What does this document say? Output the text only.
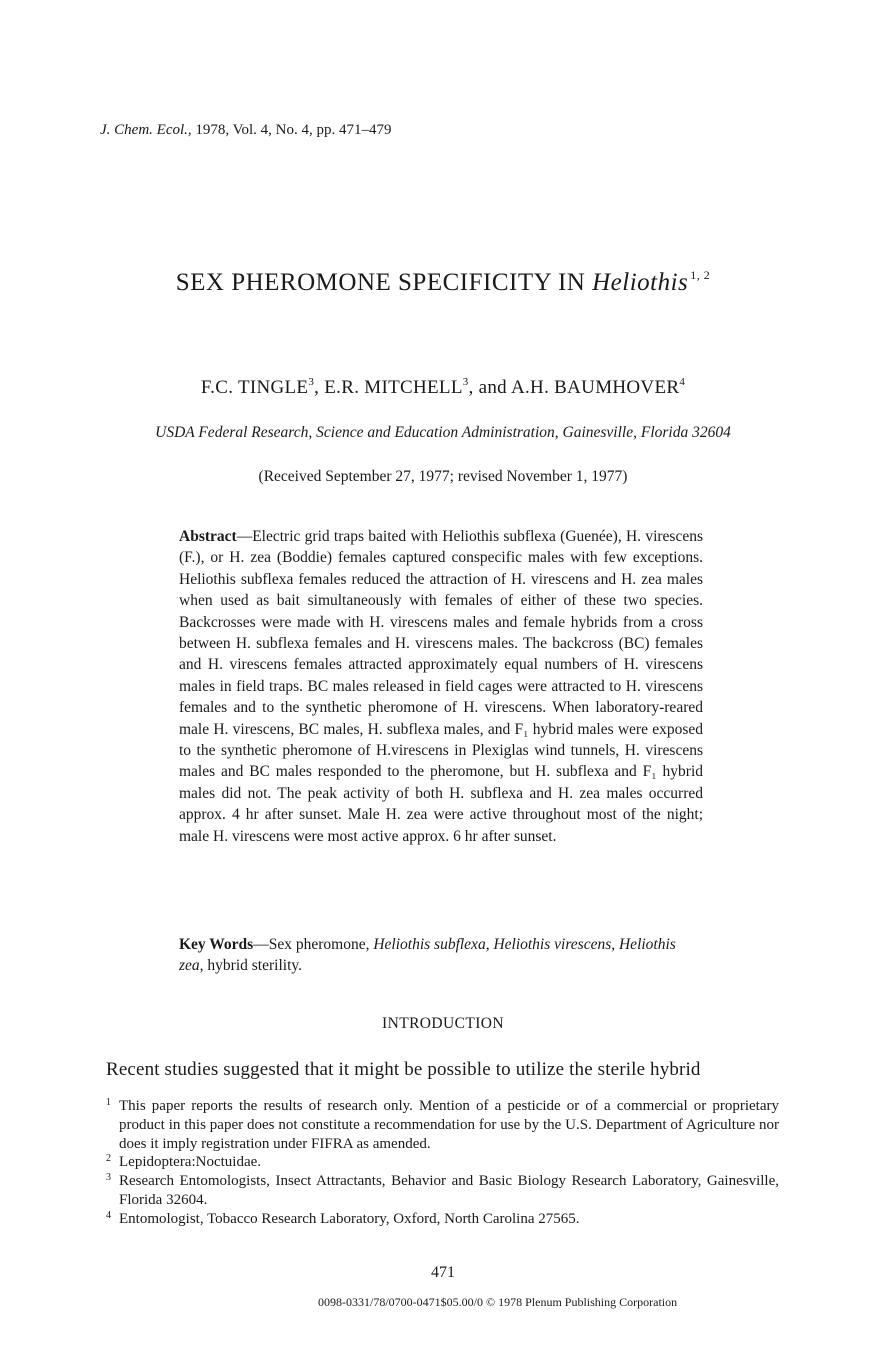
J. Chem. Ecol., 1978, Vol. 4, No. 4, pp. 471–479
SEX PHEROMONE SPECIFICITY IN Heliothis $^{1, 2}$
F.C. TINGLE$^3$, E.R. MITCHELL$^3$, and A.H. BAUMHOVER$^4$
USDA Federal Research, Science and Education Administration, Gainesville, Florida 32604
(Received September 27, 1977; revised November 1, 1977)

Abstract—Electric grid traps baited with Heliothis subflexa (Guenée), H. virescens (F.), or H. zea (Boddie) females captured conspecific males with few exceptions. Heliothis subflexa females reduced the attraction of H. virescens and H. zea males when used as bait simultaneously with females of either of these two species. Backcrosses were made with H. virescens males and female hybrids from a cross between H. subflexa females and H. virescens males. The backcross (BC) females and H. virescens females attracted approximately equal numbers of H. virescens males in field traps. BC males released in field cages were attracted to H. virescens females and to the synthetic pheromone of H. virescens. When laboratory-reared male H. virescens, BC males, H. subflexa males, and F₁ hybrid males were exposed to the synthetic pheromone of H.virescens in Plexiglas wind tunnels, H. virescens males and BC males responded to the pheromone, but H. subflexa and F₁ hybrid males did not. The peak activity of both H. subflexa and H. zea males occurred approx. 4 hr after sunset. Male H. zea were active throughout most of the night; male H. virescens were most active approx. 6 hr after sunset.

Key Words—Sex pheromone, Heliothis subflexa, Heliothis virescens, Heliothis zea, hybrid sterility.

INTRODUCTION
Recent studies suggested that it might be possible to utilize the sterile hybrid
1 This paper reports the results of research only. Mention of a pesticide or of a commercial or proprietary product in this paper does not constitute a recommendation for use by the U.S. Department of Agriculture nor does it imply registration under FIFRA as amended.
2 Lepidoptera:Noctuidae.
3 Research Entomologists, Insect Attractants, Behavior and Basic Biology Research Laboratory, Gainesville, Florida 32604.
4 Entomologist, Tobacco Research Laboratory, Oxford, North Carolina 27565.
471
0098-0331/78/0700-0471$05.00/0 © 1978 Plenum Publishing Corporation
